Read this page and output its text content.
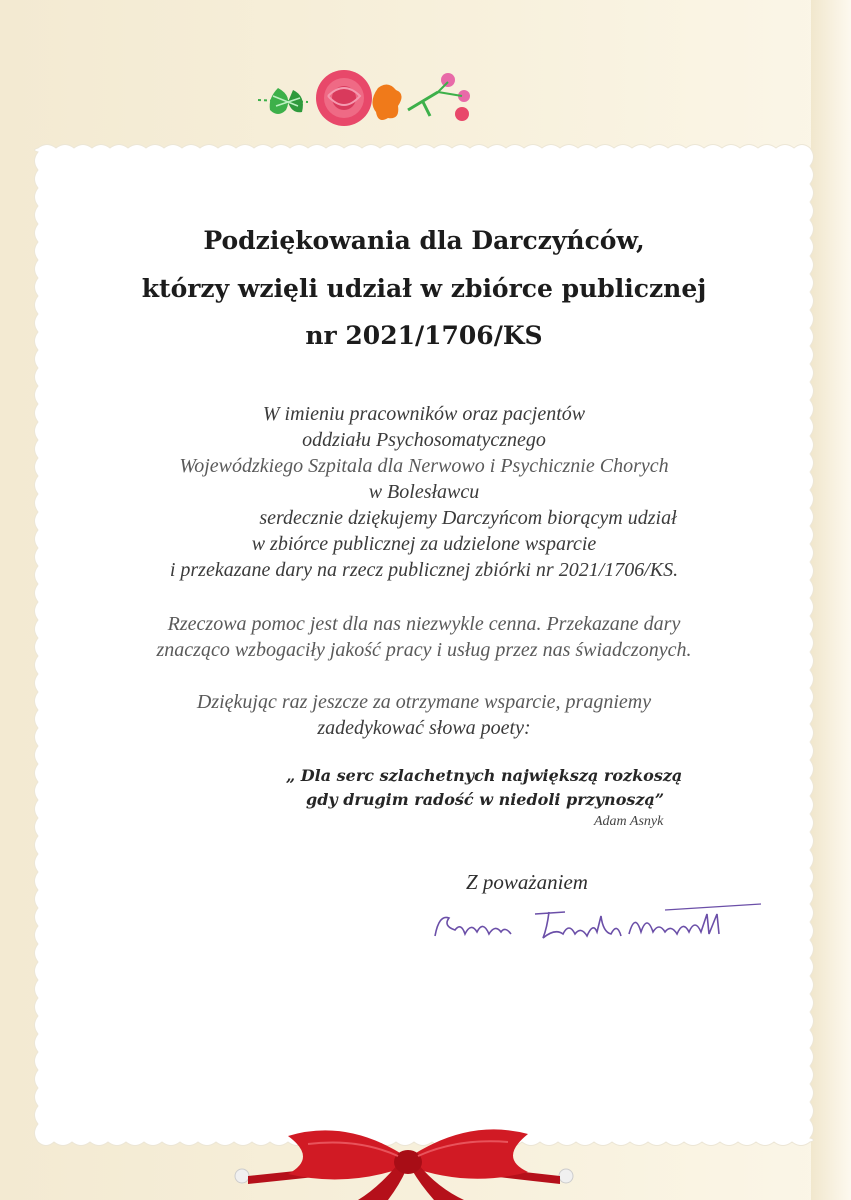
Podziękowania dla Darczyńców,
którzy wzięli udział w zbiórce publicznej
nr 2021/1706/KS
W imieniu pracowników oraz pacjentów
oddziału Psychosomatycznego
Wojewódzkiego Szpitala dla Nerwowo i Psychicznie Chorych
w Bolesławcu
serdecznie dziękujemy Darczyńcom biorącym udział
w zbiórce publicznej za udzielone wsparcie
i przekazane dary na rzecz publicznej zbiórki nr 2021/1706/KS.
Rzeczowa pomoc jest dla nas niezwykle cenna. Przekazane dary
znacząco wzbogaciły jakość pracy i usług przez nas świadczonych.
Dziękując raz jeszcze za otrzymane wsparcie, pragniemy
zadedykować słowa poety:
„ Dla serc szlachetnych największą rozkoszą
gdy drugim radość w niedoli przynoszą”
Adam Asnyk
Z poważaniem
